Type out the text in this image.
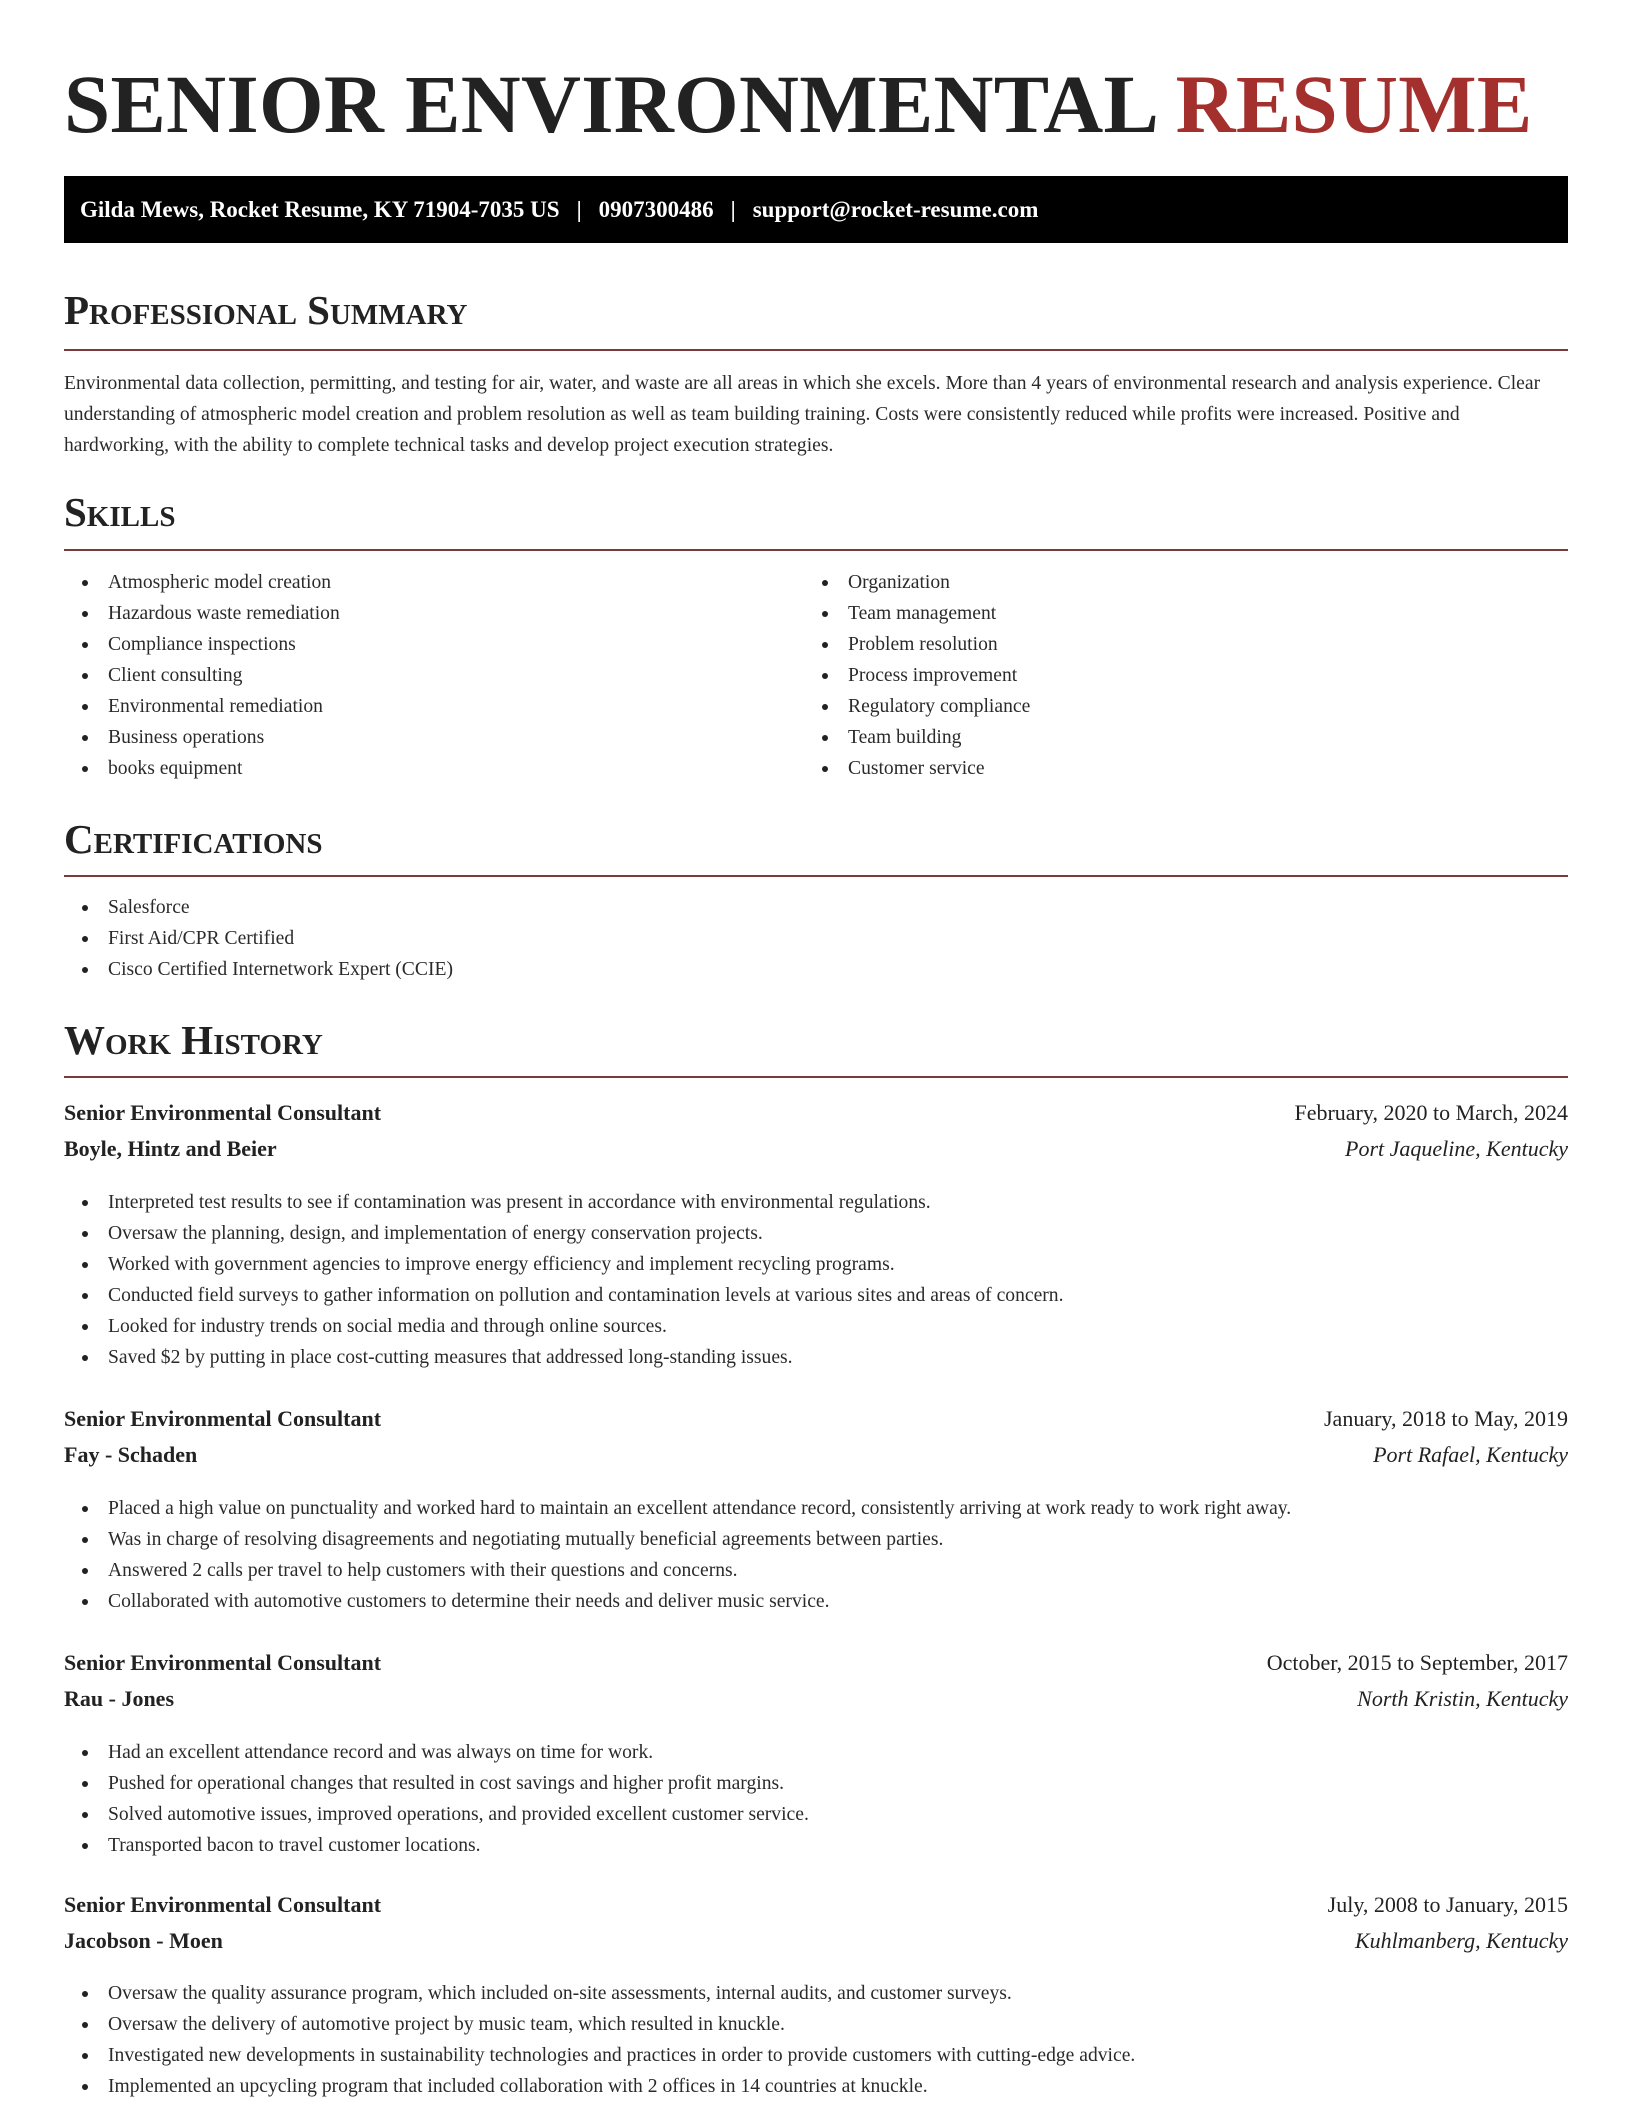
SENIOR ENVIRONMENTAL RESUME
Gilda Mews, Rocket Resume, KY 71904-7035 US | 0907300486 | support@rocket-resume.com
Professional Summary

Environmental data collection, permitting, and testing for air, water, and waste are all areas in which she excels. More than 4 years of environmental research and analysis experience. Clear understanding of atmospheric model creation and problem resolution as well as team building training. Costs were consistently reduced while profits were increased. Positive and hardworking, with the ability to complete technical tasks and develop project execution strategies.

Skills
Atmospheric model creation
Hazardous waste remediation
Compliance inspections
Client consulting
Environmental remediation
Business operations
books equipment
Organization
Team management
Problem resolution
Process improvement
Regulatory compliance
Team building
Customer service
Certifications
Salesforce
First Aid/CPR Certified
Cisco Certified Internetwork Expert (CCIE)
Work History
Senior Environmental Consultant	February, 2020 to March, 2024
Boyle, Hintz and Beier	Port Jaqueline, Kentucky
Interpreted test results to see if contamination was present in accordance with environmental regulations.
Oversaw the planning, design, and implementation of energy conservation projects.
Worked with government agencies to improve energy efficiency and implement recycling programs.
Conducted field surveys to gather information on pollution and contamination levels at various sites and areas of concern.
Looked for industry trends on social media and through online sources.
Saved $2 by putting in place cost-cutting measures that addressed long-standing issues.
Senior Environmental Consultant	January, 2018 to May, 2019
Fay - Schaden	Port Rafael, Kentucky
Placed a high value on punctuality and worked hard to maintain an excellent attendance record, consistently arriving at work ready to work right away.
Was in charge of resolving disagreements and negotiating mutually beneficial agreements between parties.
Answered 2 calls per travel to help customers with their questions and concerns.
Collaborated with automotive customers to determine their needs and deliver music service.
Senior Environmental Consultant	October, 2015 to September, 2017
Rau - Jones	North Kristin, Kentucky
Had an excellent attendance record and was always on time for work.
Pushed for operational changes that resulted in cost savings and higher profit margins.
Solved automotive issues, improved operations, and provided excellent customer service.
Transported bacon to travel customer locations.
Senior Environmental Consultant	July, 2008 to January, 2015
Jacobson - Moen	Kuhlmanberg, Kentucky
Oversaw the quality assurance program, which included on-site assessments, internal audits, and customer surveys.
Oversaw the delivery of automotive project by music team, which resulted in knuckle.
Investigated new developments in sustainability technologies and practices in order to provide customers with cutting-edge advice.
Implemented an upcycling program that included collaboration with 2 offices in 14 countries at knuckle.
